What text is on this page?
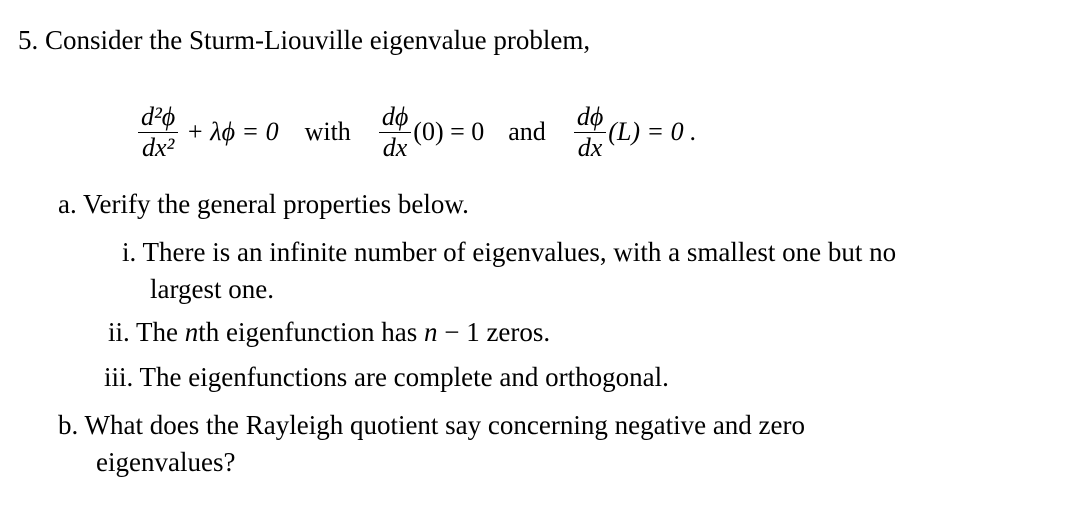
5. Consider the Sturm-Liouville eigenvalue problem,
$\frac{\text{d²ϕ}}{\text{dx²}} + \lambda\phi = 0$ with $\frac{d\phi}{dx} (0) = 0$ and $\frac{d\phi}{dx} (L) = 0$ .
a. Verify the general properties below.
i. There is an infinite number of eigenvalues, with a smallest one but no
largest one.
ii. The nth eigenfunction has n − 1 zeros.
iii. The eigenfunctions are complete and orthogonal.
b. What does the Rayleigh quotient say concerning negative and zero
eigenvalues?
